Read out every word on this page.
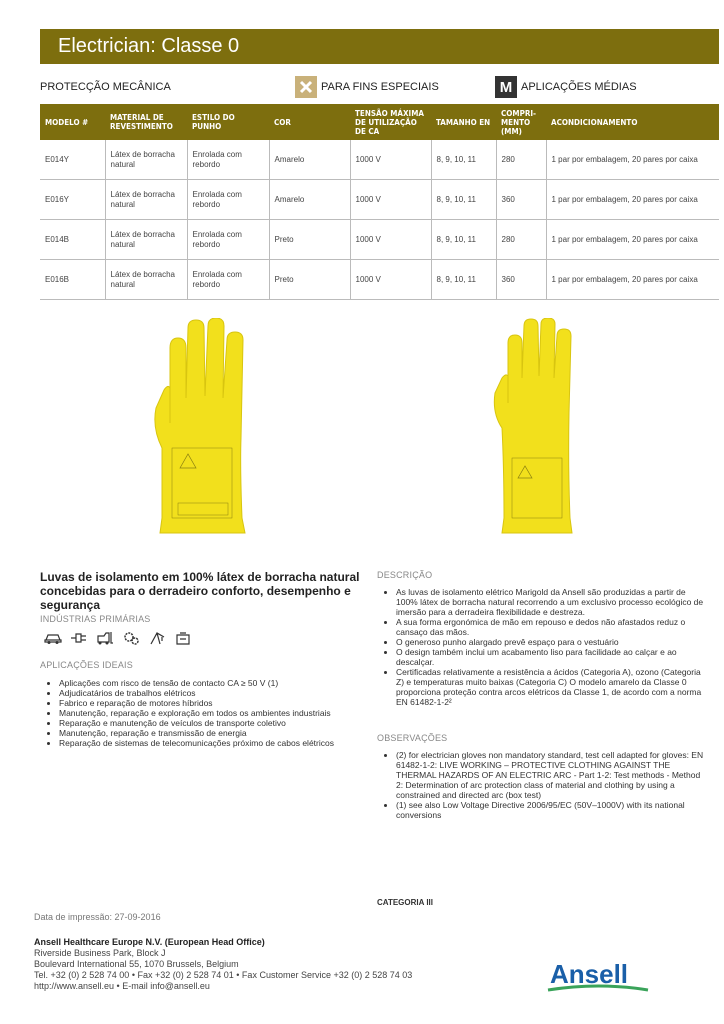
Electrician: Classe 0
PROTECÇÃO MECÂNICA	PARA FINS ESPECIAIS	M APLICAÇÕES MÉDIAS
MODELO #	MATERIAL DE REVESTIMENTO	ESTILO DO PUNHO	COR	TENSÃO MÁXIMA DE UTILIZAÇÃO DE CA	TAMANHO EN	COMPRI- MENTO (MM)	ACONDICIONAMENTO
E014Y	Látex de borracha natural	Enrolada com rebordo	Amarelo	1000 V	8, 9, 10, 11	280	1 par por embalagem, 20 pares por caixa
E016Y	Látex de borracha natural	Enrolada com rebordo	Amarelo	1000 V	8, 9, 10, 11	360	1 par por embalagem, 20 pares por caixa
E014B	Látex de borracha natural	Enrolada com rebordo	Preto	1000 V	8, 9, 10, 11	280	1 par por embalagem, 20 pares por caixa
E016B	Látex de borracha natural	Enrolada com rebordo	Preto	1000 V	8, 9, 10, 11	360	1 par por embalagem, 20 pares por caixa
Luvas de isolamento em 100% látex de borracha natural concebidas para o derradeiro conforto, desempenho e segurança
INDÚSTRIAS PRIMÁRIAS
APLICAÇÕES IDEAIS
• Aplicações com risco de tensão de contacto CA ≥ 50 V (1)
• Adjudicatários de trabalhos elétricos
• Fabrico e reparação de motores híbridos
• Manutenção, reparação e exploração em todos os ambientes industriais
• Reparação e manutenção de veículos de transporte coletivo
• Manutenção, reparação e transmissão de energia
• Reparação de sistemas de telecomunicações próximo de cabos elétricos
DESCRIÇÃO
• As luvas de isolamento elétrico Marigold da Ansell são produzidas a partir de 100% látex de borracha natural recorrendo a um exclusivo processo ecológico de imersão para a derradeira flexibilidade e destreza.
• A sua forma ergonómica de mão em repouso e dedos não afastados reduz o cansaço das mãos.
• O generoso punho alargado prevê espaço para o vestuário
• O design também inclui um acabamento liso para facilidade ao calçar e ao descalçar.
• Certificadas relativamente a resistência a ácidos (Categoria A), ozono (Categoria Z) e temperaturas muito baixas (Categoria C) O modelo amarelo da Classe 0 proporciona proteção contra arcos elétricos da Classe 1, de acordo com a norma EN 61482-1-2²
OBSERVAÇÕES
• (2) for electrician gloves non mandatory standard, test cell adapted for gloves: EN 61482-1-2: LIVE WORKING – PROTECTIVE CLOTHING AGAINST THE THERMAL HAZARDS OF AN ELECTRIC ARC - Part 1-2: Test methods - Method 2: Determination of arc protection class of material and clothing by using a constrained and directed arc (box test)
• (1) see also Low Voltage Directive 2006/95/EC (50V–1000V) with its national conversions
CATEGORIA III
Data de impressão: 27-09-2016
Ansell Healthcare Europe N.V. (European Head Office)
Riverside Business Park, Block J
Boulevard International 55, 1070 Brussels, Belgium
Tel. +32 (0) 2 528 74 00 • Fax +32 (0) 2 528 74 01 • Fax Customer Service +32 (0) 2 528 74 03
http://www.ansell.eu • E-mail info@ansell.eu	Ansell
